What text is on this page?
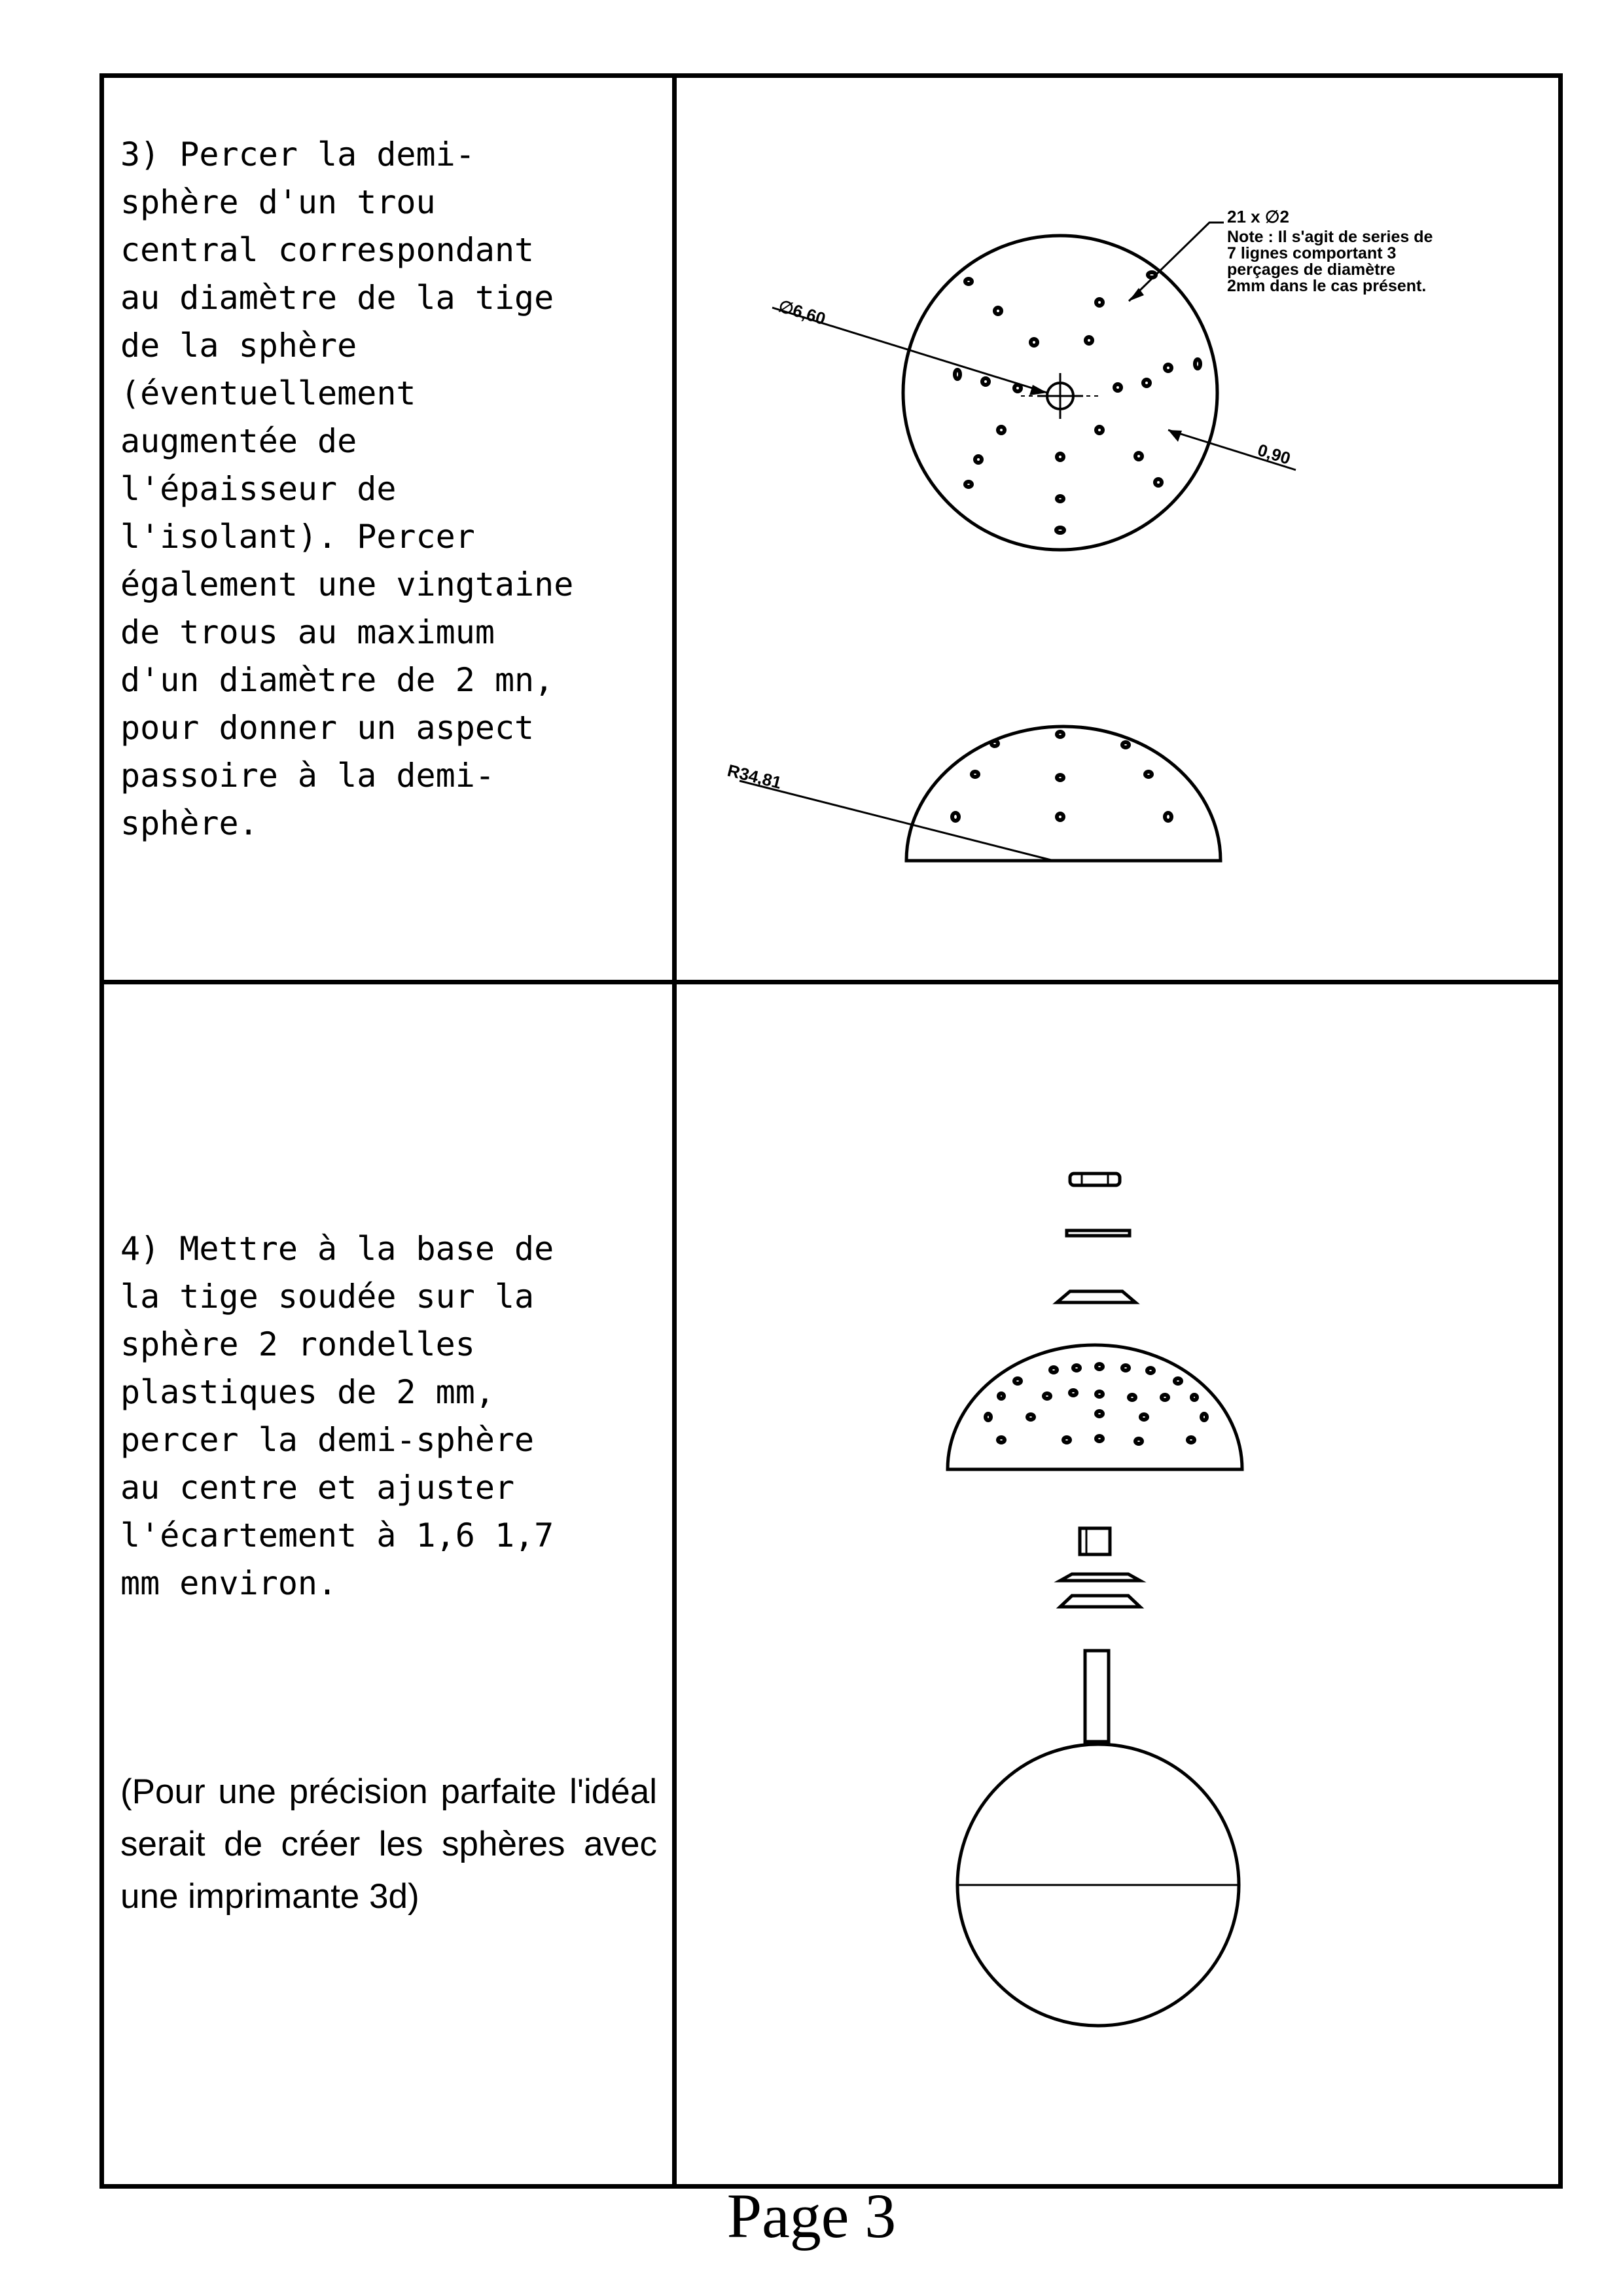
3) Percer la demi-
sphère d'un trou
central correspondant
au diamètre de la tige
de la sphère
(éventuellement
augmentée de
l'épaisseur de
l'isolant). Percer
également une vingtaine
de trous au maximum
d'un diamètre de 2 mn,
pour donner un aspect
passoire à la demi-
sphère.

4) Mettre à la base de
la tige soudée sur la
sphère 2 rondelles
plastiques de 2 mm,
percer la demi-sphère
au centre et ajuster
l'écartement à 1,6 1,7
mm environ.

(Pour une précision parfaite l'idéal serait de créer les sphères avec une imprimante 3d)

∅6,60
0,90
21 x ∅2
Note : Il s'agit de series de
7 lignes comportant 3
perçages de diamètre
2mm dans le cas présent.
R34,81
Page 3
